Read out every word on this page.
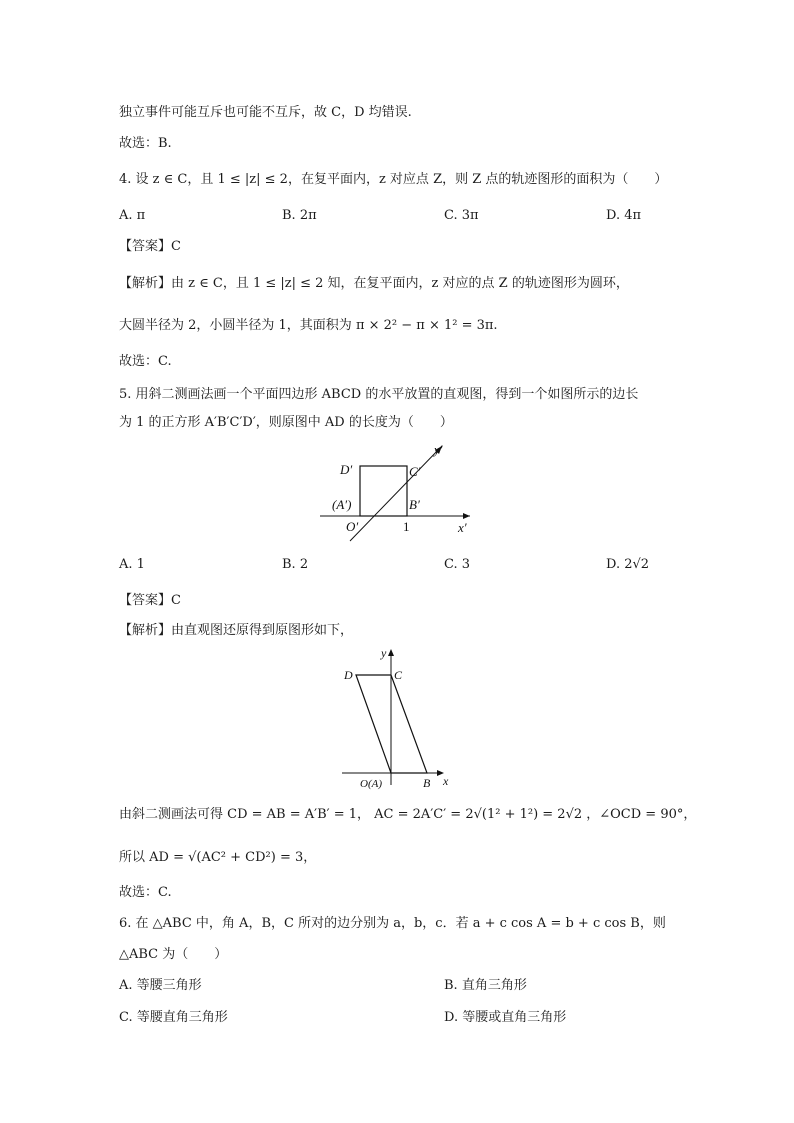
独立事件可能互斥也可能不互斥，故 C，D 均错误.
故选：B.
4. 设 z ∈ C，且 1 ≤ |z| ≤ 2，在复平面内，z 对应点 Z，则 Z 点的轨迹图形的面积为（　　）
A. π	B. 2π	C. 3π	D. 4π
【答案】C
【解析】由 z ∈ C，且 1 ≤ |z| ≤ 2 知，在复平面内，z 对应的点 Z 的轨迹图形为圆环，
大圆半径为 2，小圆半径为 1，其面积为 π × 2² − π × 1² = 3π.
故选：C.
5. 用斜二测画法画一个平面四边形 ABCD 的水平放置的直观图，得到一个如图所示的边长
为 1 的正方形 A′B′C′D′，则原图中 AD 的长度为（　　）
y′
D′	C′
(A′)	B′
O′	1	x′
A. 1	B. 2	C. 3	D. 2√2
【答案】C
【解析】由直观图还原得到原图形如下，
y
D	C
O(A)	B x
由斜二测画法可得 CD = AB = A′B′ = 1， AC = 2A′C′ = 2√(1² + 1²) = 2√2 ，∠OCD = 90°，
所以 AD = √(AC² + CD²) = 3，
故选：C.
6. 在 △ABC 中，角 A，B，C 所对的边分别为 a，b，c．若 a + c cos A = b + c cos B，则
△ABC 为（　　）
A. 等腰三角形	B. 直角三角形
C. 等腰直角三角形	D. 等腰或直角三角形
